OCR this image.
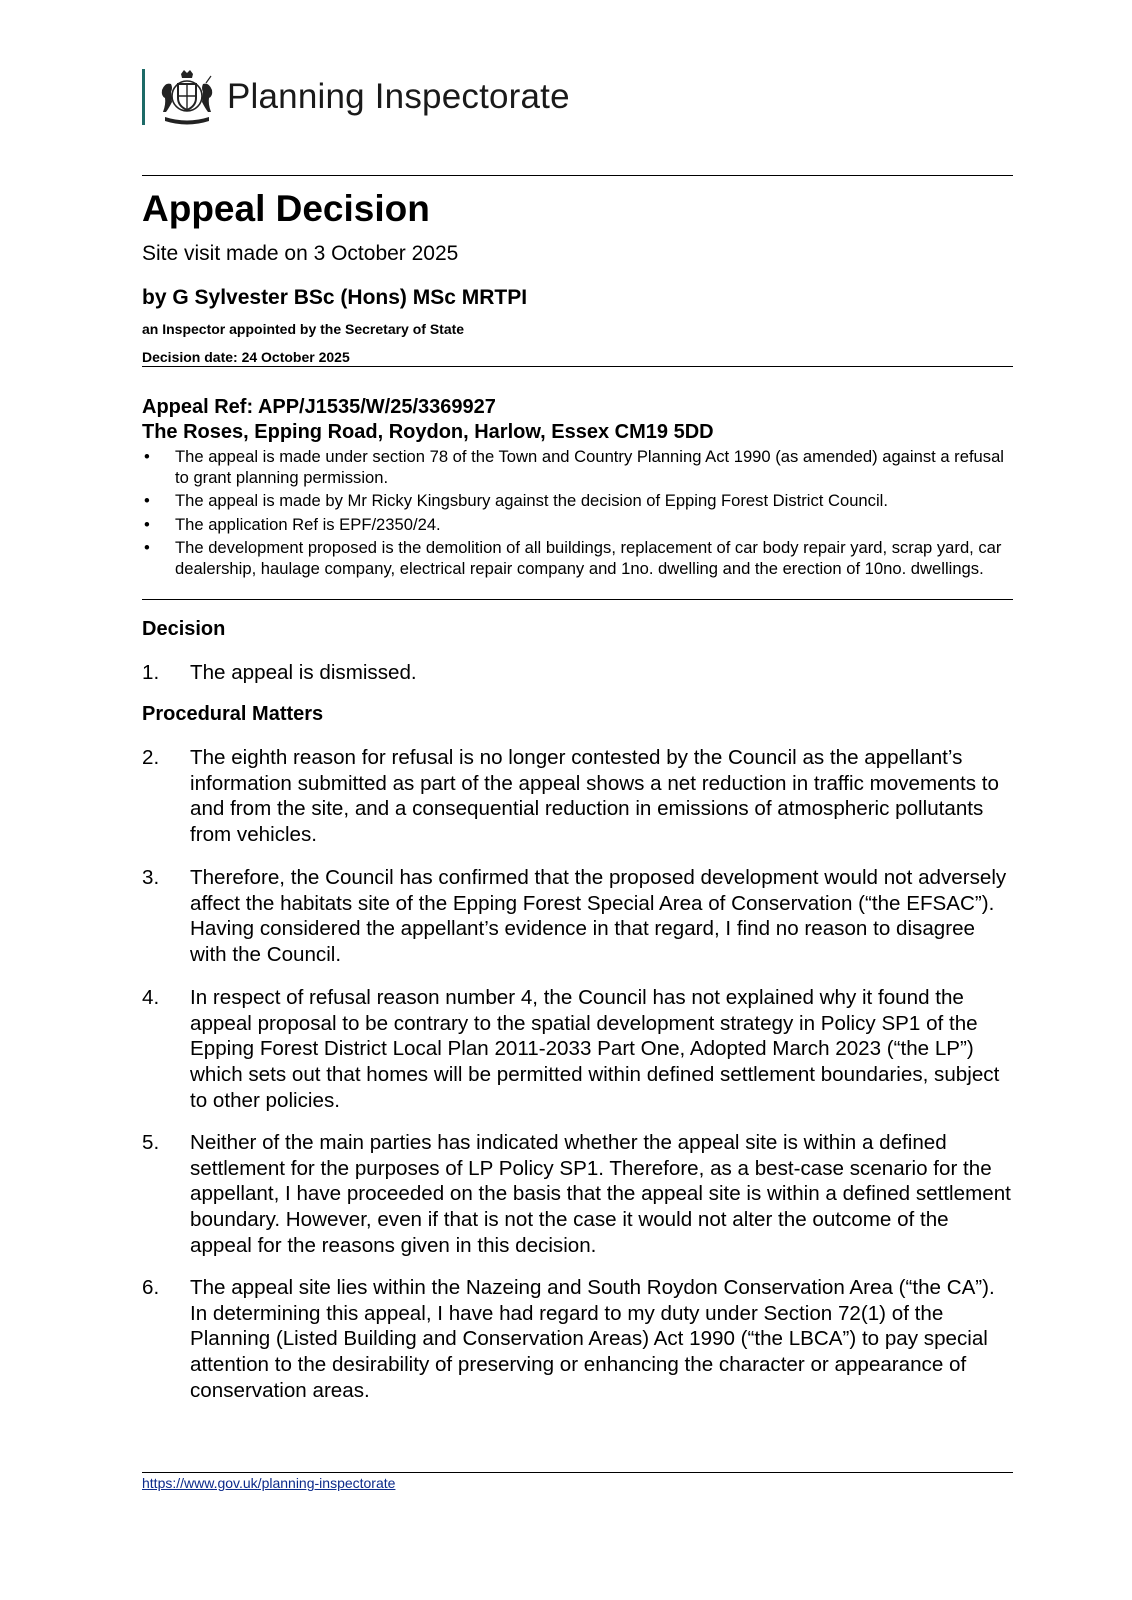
Planning Inspectorate
Appeal Decision
Site visit made on 3 October 2025
by G Sylvester BSc (Hons) MSc MRTPI
an Inspector appointed by the Secretary of State
Decision date: 24 October 2025
Appeal Ref: APP/J1535/W/25/3369927
The Roses, Epping Road, Roydon, Harlow, Essex CM19 5DD
• The appeal is made under section 78 of the Town and Country Planning Act 1990 (as amended) against a refusal to grant planning permission.
• The appeal is made by Mr Ricky Kingsbury against the decision of Epping Forest District Council.
• The application Ref is EPF/2350/24.
• The development proposed is the demolition of all buildings, replacement of car body repair yard, scrap yard, car dealership, haulage company, electrical repair company and 1no. dwelling and the erection of 10no. dwellings.
Decision
1. The appeal is dismissed.
Procedural Matters
2. The eighth reason for refusal is no longer contested by the Council as the appellant’s information submitted as part of the appeal shows a net reduction in traffic movements to and from the site, and a consequential reduction in emissions of atmospheric pollutants from vehicles.
3. Therefore, the Council has confirmed that the proposed development would not adversely affect the habitats site of the Epping Forest Special Area of Conservation (“the EFSAC”). Having considered the appellant’s evidence in that regard, I find no reason to disagree with the Council.
4. In respect of refusal reason number 4, the Council has not explained why it found the appeal proposal to be contrary to the spatial development strategy in Policy SP1 of the Epping Forest District Local Plan 2011-2033 Part One, Adopted March 2023 (“the LP”) which sets out that homes will be permitted within defined settlement boundaries, subject to other policies.
5. Neither of the main parties has indicated whether the appeal site is within a defined settlement for the purposes of LP Policy SP1. Therefore, as a best-case scenario for the appellant, I have proceeded on the basis that the appeal site is within a defined settlement boundary. However, even if that is not the case it would not alter the outcome of the appeal for the reasons given in this decision.
6. The appeal site lies within the Nazeing and South Roydon Conservation Area (“the CA”). In determining this appeal, I have had regard to my duty under Section 72(1) of the Planning (Listed Building and Conservation Areas) Act 1990 (“the LBCA”) to pay special attention to the desirability of preserving or enhancing the character or appearance of conservation areas.
https://www.gov.uk/planning-inspectorate
